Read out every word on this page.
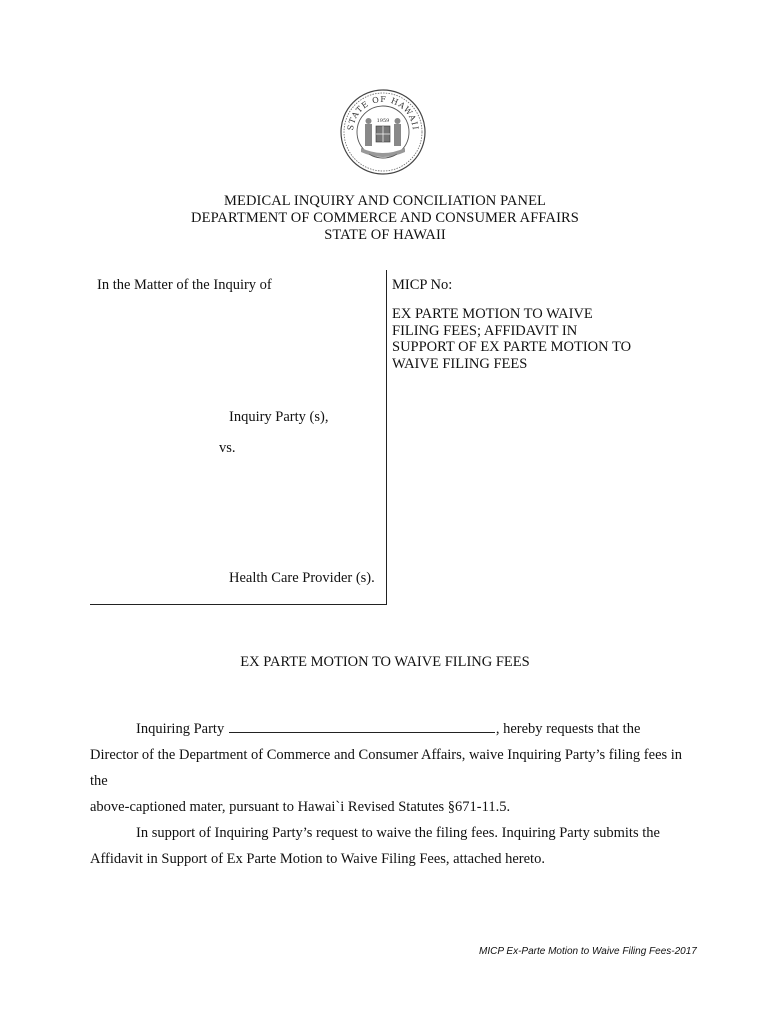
STATE OF HAWAII
1959
MEDICAL INQUIRY AND CONCILIATION PANEL
DEPARTMENT OF COMMERCE AND CONSUMER AFFAIRS
STATE OF HAWAII
In the Matter of the Inquiry of
Inquiry Party (s),
vs.
Health Care Provider (s).
MICP No:
EX PARTE MOTION TO WAIVE
FILING FEES; AFFIDAVIT IN
SUPPORT OF EX PARTE MOTION TO
WAIVE FILING FEES
EX PARTE MOTION TO WAIVE FILING FEES

Inquiring Party	, hereby requests that the

Director of the Department of Commerce and Consumer Affairs, waive Inquiring Party’s filing fees in the

above-captioned mater, pursuant to Hawai`i Revised Statutes §671-11.5.

In support of Inquiring Party’s request to waive the filing fees. Inquiring Party submits the

Affidavit in Support of Ex Parte Motion to Waive Filing Fees, attached hereto.

MICP Ex-Parte Motion to Waive Filing Fees-2017
